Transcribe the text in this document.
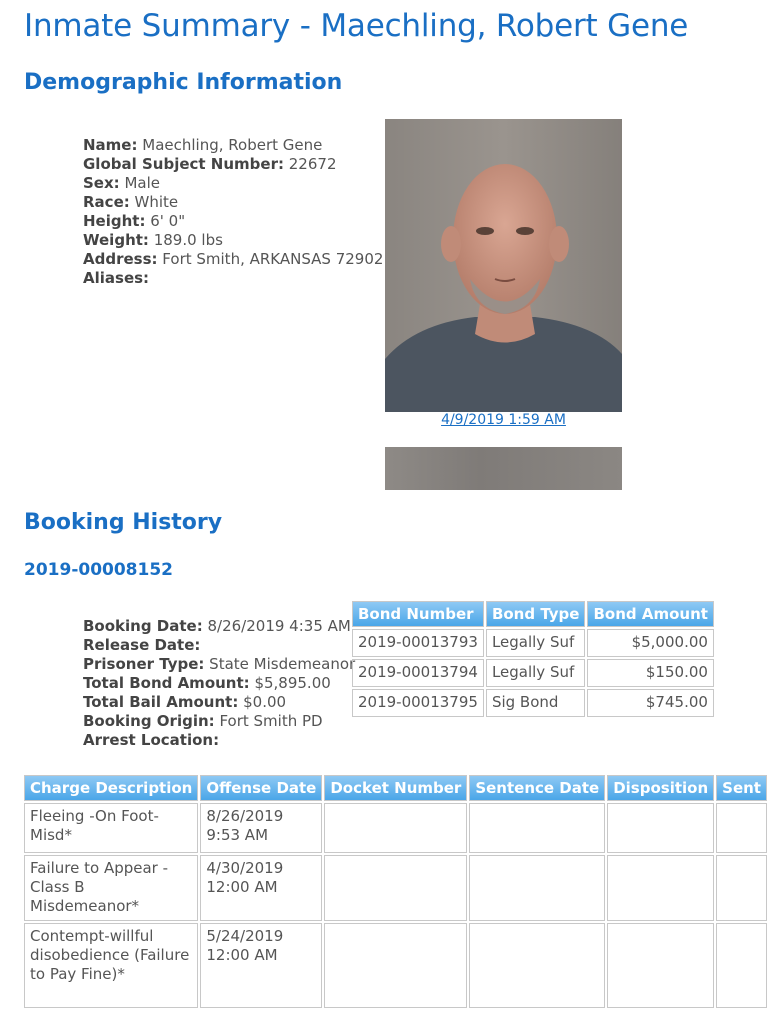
Inmate Summary - Maechling, Robert Gene
Demographic Information
Name: Maechling, Robert Gene
Global Subject Number: 22672
Sex: Male
Race: White
Height: 6' 0"
Weight: 189.0 lbs
Address: Fort Smith, ARKANSAS 72902
Aliases:
4/9/2019 1:59 AM
Booking History
2019-00008152
Booking Date: 8/26/2019 4:35 AM
Release Date:
Prisoner Type: State Misdemeanor
Total Bond Amount: $5,895.00
Total Bail Amount: $0.00
Booking Origin: Fort Smith PD
Arrest Location:
Bond Number	Bond Type	Bond Amount
2019-00013793	Legally Suf	$5,000.00
2019-00013794	Legally Suf	$150.00
2019-00013795	Sig Bond	$745.00
Charge Description	Offense Date	Docket Number	Sentence Date	Disposition	Sent
Fleeing -On Foot-Misd*	8/26/2019 9:53 AM				
Failure to Appear - Class B Misdemeanor*	4/30/2019 12:00 AM				
Contempt-willful disobedience (Failure to Pay Fine)*	5/24/2019 12:00 AM				
